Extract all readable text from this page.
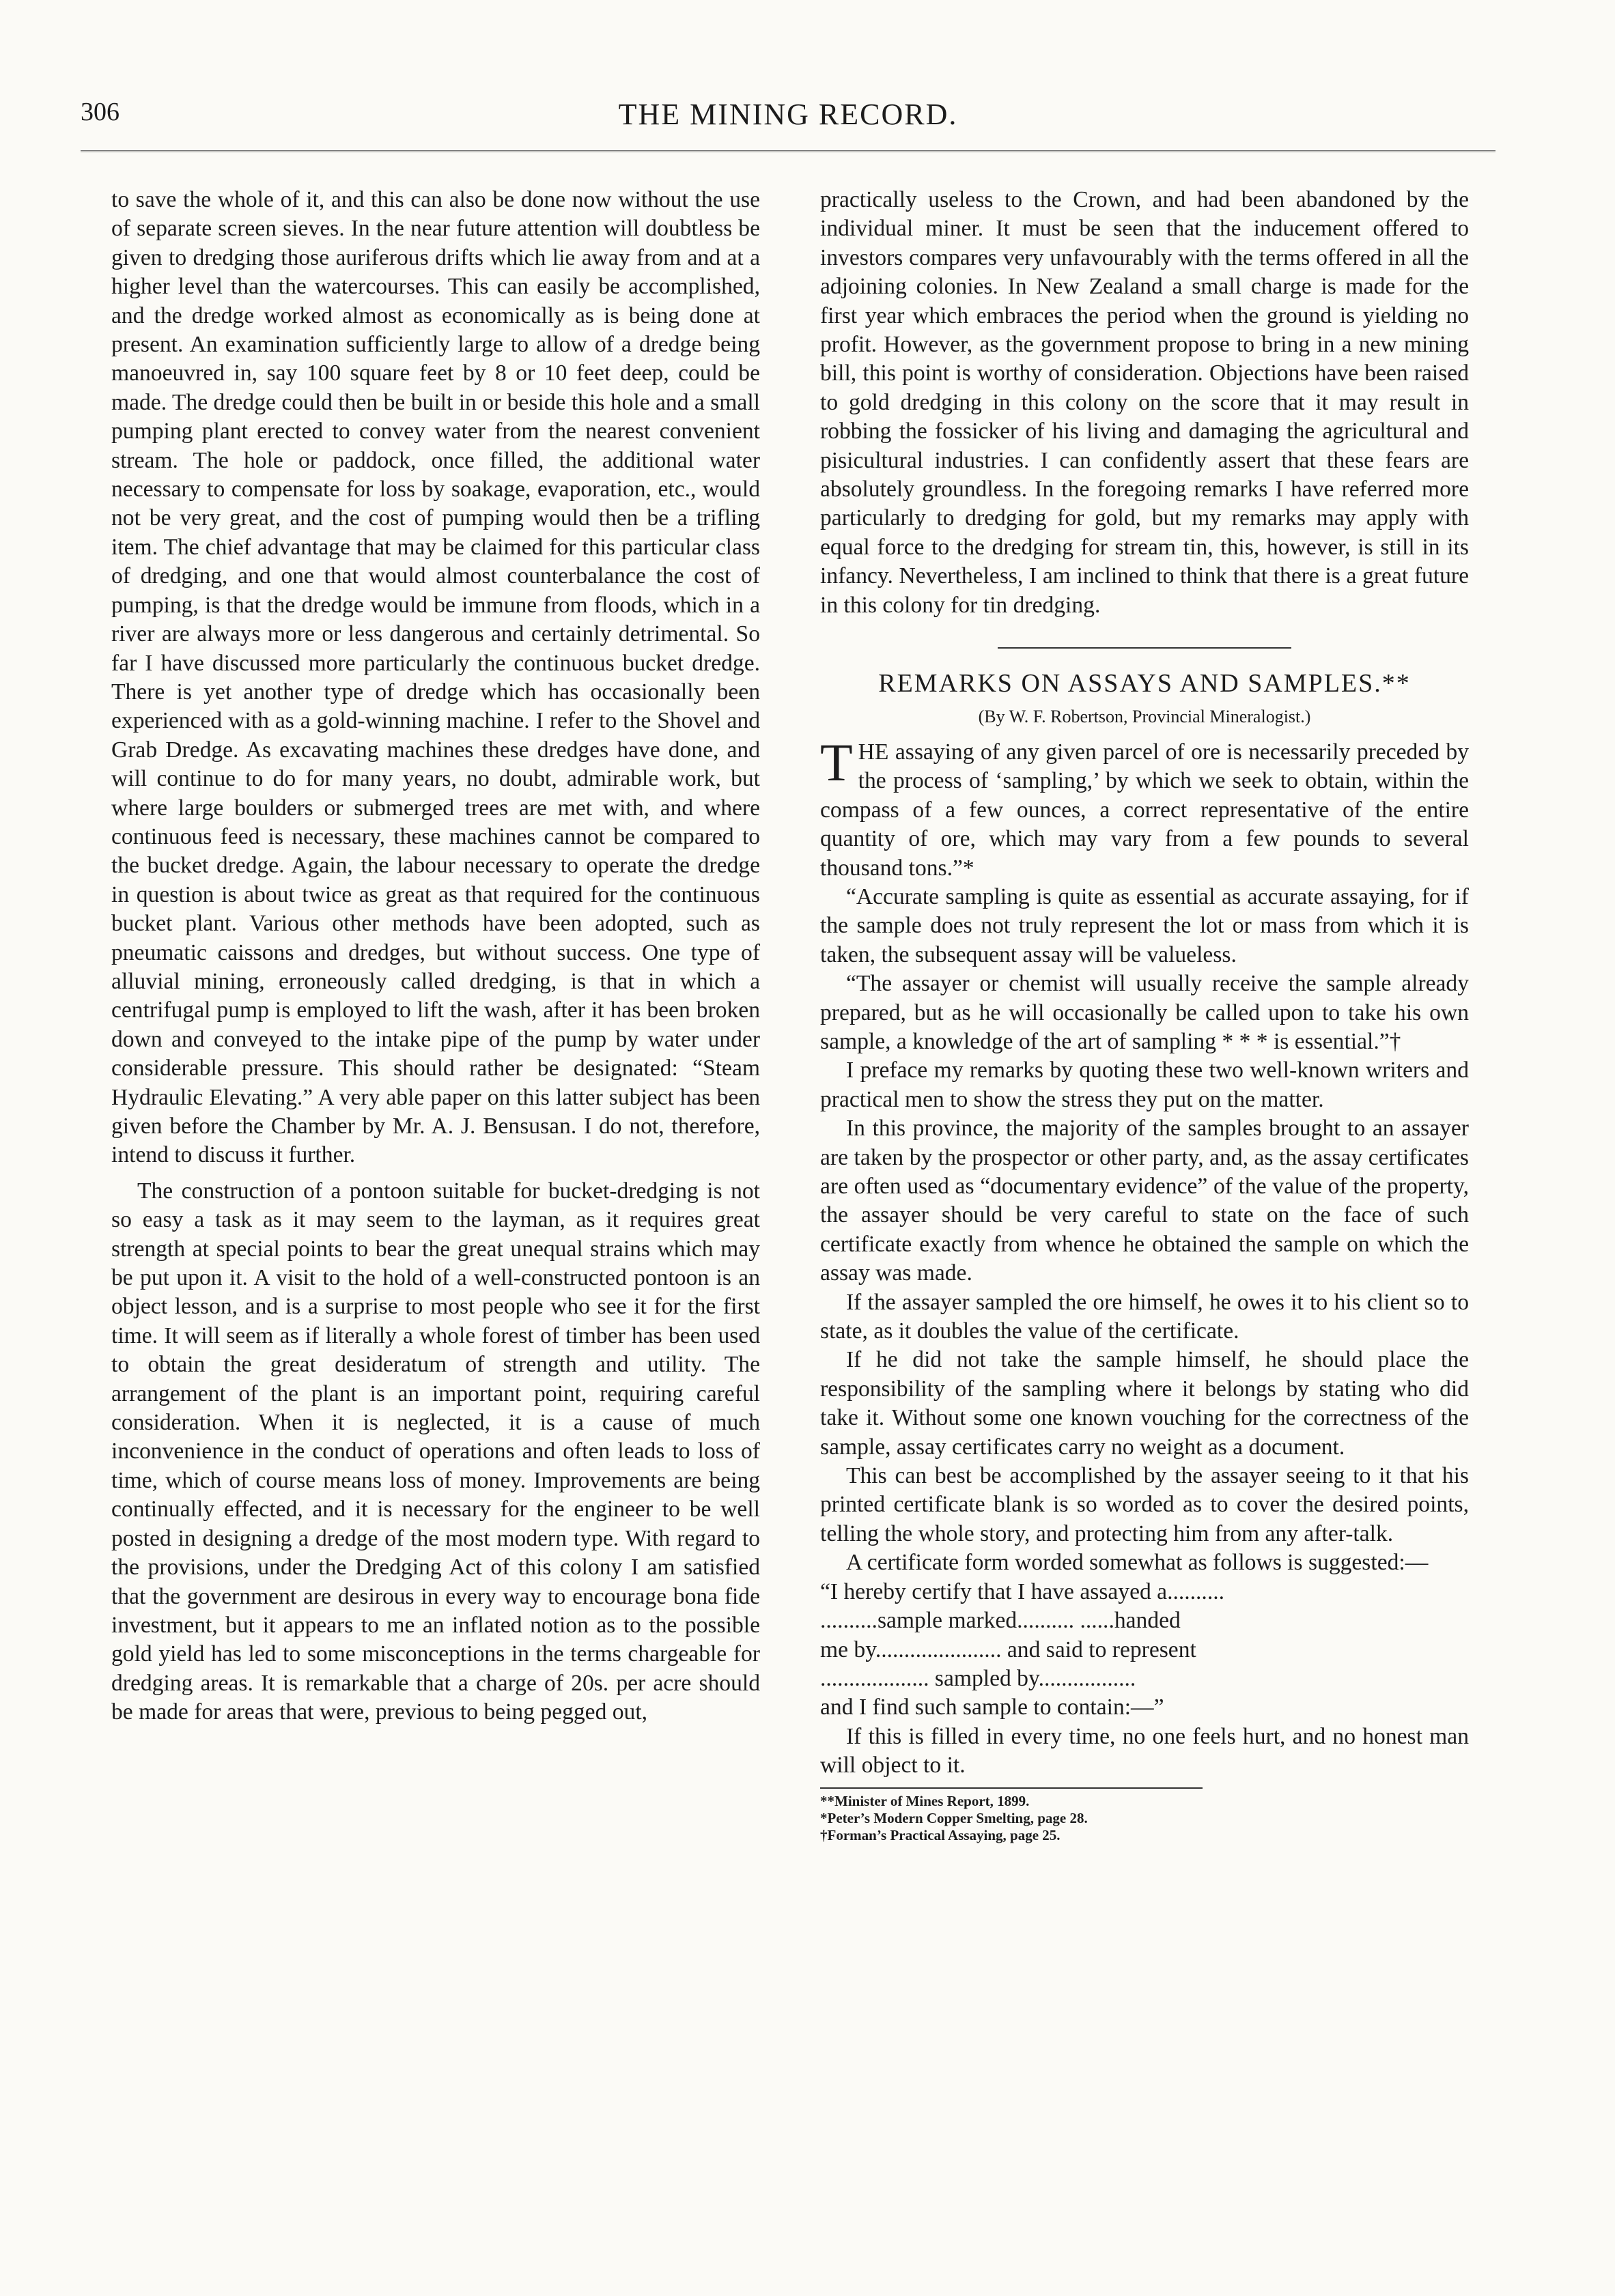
306	THE MINING RECORD.

to save the whole of it, and this can also be done now without the use of separate screen sieves. In the near future attention will doubtless be given to dredging those auriferous drifts which lie away from and at a higher level than the watercourses. This can easily be accomplished, and the dredge worked almost as economically as is being done at present. An examination sufficiently large to allow of a dredge being manoeuvred in, say 100 square feet by 8 or 10 feet deep, could be made. The dredge could then be built in or beside this hole and a small pumping plant erected to convey water from the nearest convenient stream. The hole or paddock, once filled, the additional water necessary to compensate for loss by soakage, evaporation, etc., would not be very great, and the cost of pumping would then be a trifling item. The chief advantage that may be claimed for this particular class of dredging, and one that would almost counterbalance the cost of pumping, is that the dredge would be immune from floods, which in a river are always more or less dangerous and certainly detrimental. So far I have discussed more particularly the continuous bucket dredge. There is yet another type of dredge which has occasionally been experienced with as a gold-winning machine. I refer to the Shovel and Grab Dredge. As excavating machines these dredges have done, and will continue to do for many years, no doubt, admirable work, but where large boulders or submerged trees are met with, and where continuous feed is necessary, these machines cannot be compared to the bucket dredge. Again, the labour necessary to operate the dredge in question is about twice as great as that required for the continuous bucket plant. Various other methods have been adopted, such as pneumatic caissons and dredges, but without success. One type of alluvial mining, erroneously called dredging, is that in which a centrifugal pump is employed to lift the wash, after it has been broken down and conveyed to the intake pipe of the pump by water under considerable pressure. This should rather be designated: “Steam Hydraulic Elevating.” A very able paper on this latter subject has been given before the Chamber by Mr. A. J. Bensusan. I do not, therefore, intend to discuss it further.

The construction of a pontoon suitable for bucket-dredging is not so easy a task as it may seem to the layman, as it requires great strength at special points to bear the great unequal strains which may be put upon it. A visit to the hold of a well-constructed pontoon is an object lesson, and is a surprise to most people who see it for the first time. It will seem as if literally a whole forest of timber has been used to obtain the great desideratum of strength and utility. The arrangement of the plant is an important point, requiring careful consideration. When it is neglected, it is a cause of much inconvenience in the conduct of operations and often leads to loss of time, which of course means loss of money. Improvements are being continually effected, and it is necessary for the engineer to be well posted in designing a dredge of the most modern type. With regard to the provisions, under the Dredging Act of this colony I am satisfied that the government are desirous in every way to encourage bona fide investment, but it appears to me an inflated notion as to the possible gold yield has led to some misconceptions in the terms chargeable for dredging areas. It is remarkable that a charge of 20s. per acre should be made for areas that were, previous to being pegged out,

practically useless to the Crown, and had been abandoned by the individual miner. It must be seen that the inducement offered to investors compares very unfavourably with the terms offered in all the adjoining colonies. In New Zealand a small charge is made for the first year which embraces the period when the ground is yielding no profit. However, as the government propose to bring in a new mining bill, this point is worthy of consideration. Objections have been raised to gold dredging in this colony on the score that it may result in robbing the fossicker of his living and damaging the agricultural and pisicultural industries. I can confidently assert that these fears are absolutely groundless. In the foregoing remarks I have referred more particularly to dredging for gold, but my remarks may apply with equal force to the dredging for stream tin, this, however, is still in its infancy. Nevertheless, I am inclined to think that there is a great future in this colony for tin dredging.

REMARKS ON ASSAYS AND SAMPLES.**
(By W. F. Robertson, Provincial Mineralogist.)

THE assaying of any given parcel of ore is necessarily preceded by the process of ‘sampling,’ by which we seek to obtain, within the compass of a few ounces, a correct representative of the entire quantity of ore, which may vary from a few pounds to several thousand tons.”*

“Accurate sampling is quite as essential as accurate assaying, for if the sample does not truly represent the lot or mass from which it is taken, the subsequent assay will be valueless.

“The assayer or chemist will usually receive the sample already prepared, but as he will occasionally be called upon to take his own sample, a knowledge of the art of sampling * * * is essential.”†

I preface my remarks by quoting these two well-known writers and practical men to show the stress they put on the matter.

In this province, the majority of the samples brought to an assayer are taken by the prospector or other party, and, as the assay certificates are often used as “documentary evidence” of the value of the property, the assayer should be very careful to state on the face of such certificate exactly from whence he obtained the sample on which the assay was made.

If the assayer sampled the ore himself, he owes it to his client so to state, as it doubles the value of the certificate.

If he did not take the sample himself, he should place the responsibility of the sampling where it belongs by stating who did take it. Without some one known vouching for the correctness of the sample, assay certificates carry no weight as a document.

This can best be accomplished by the assayer seeing to it that his printed certificate blank is so worded as to cover the desired points, telling the whole story, and protecting him from any after-talk.

A certificate form worded somewhat as follows is suggested:—

“I hereby certify that I have assayed a..........

..........sample marked.......... ......handed

me by...................... and said to represent

................... sampled by.................

and I find such sample to contain:—”

If this is filled in every time, no one feels hurt, and no honest man will object to it.

**Minister of Mines Report, 1899.
*Peter’s Modern Copper Smelting, page 28.
†Forman’s Practical Assaying, page 25.
